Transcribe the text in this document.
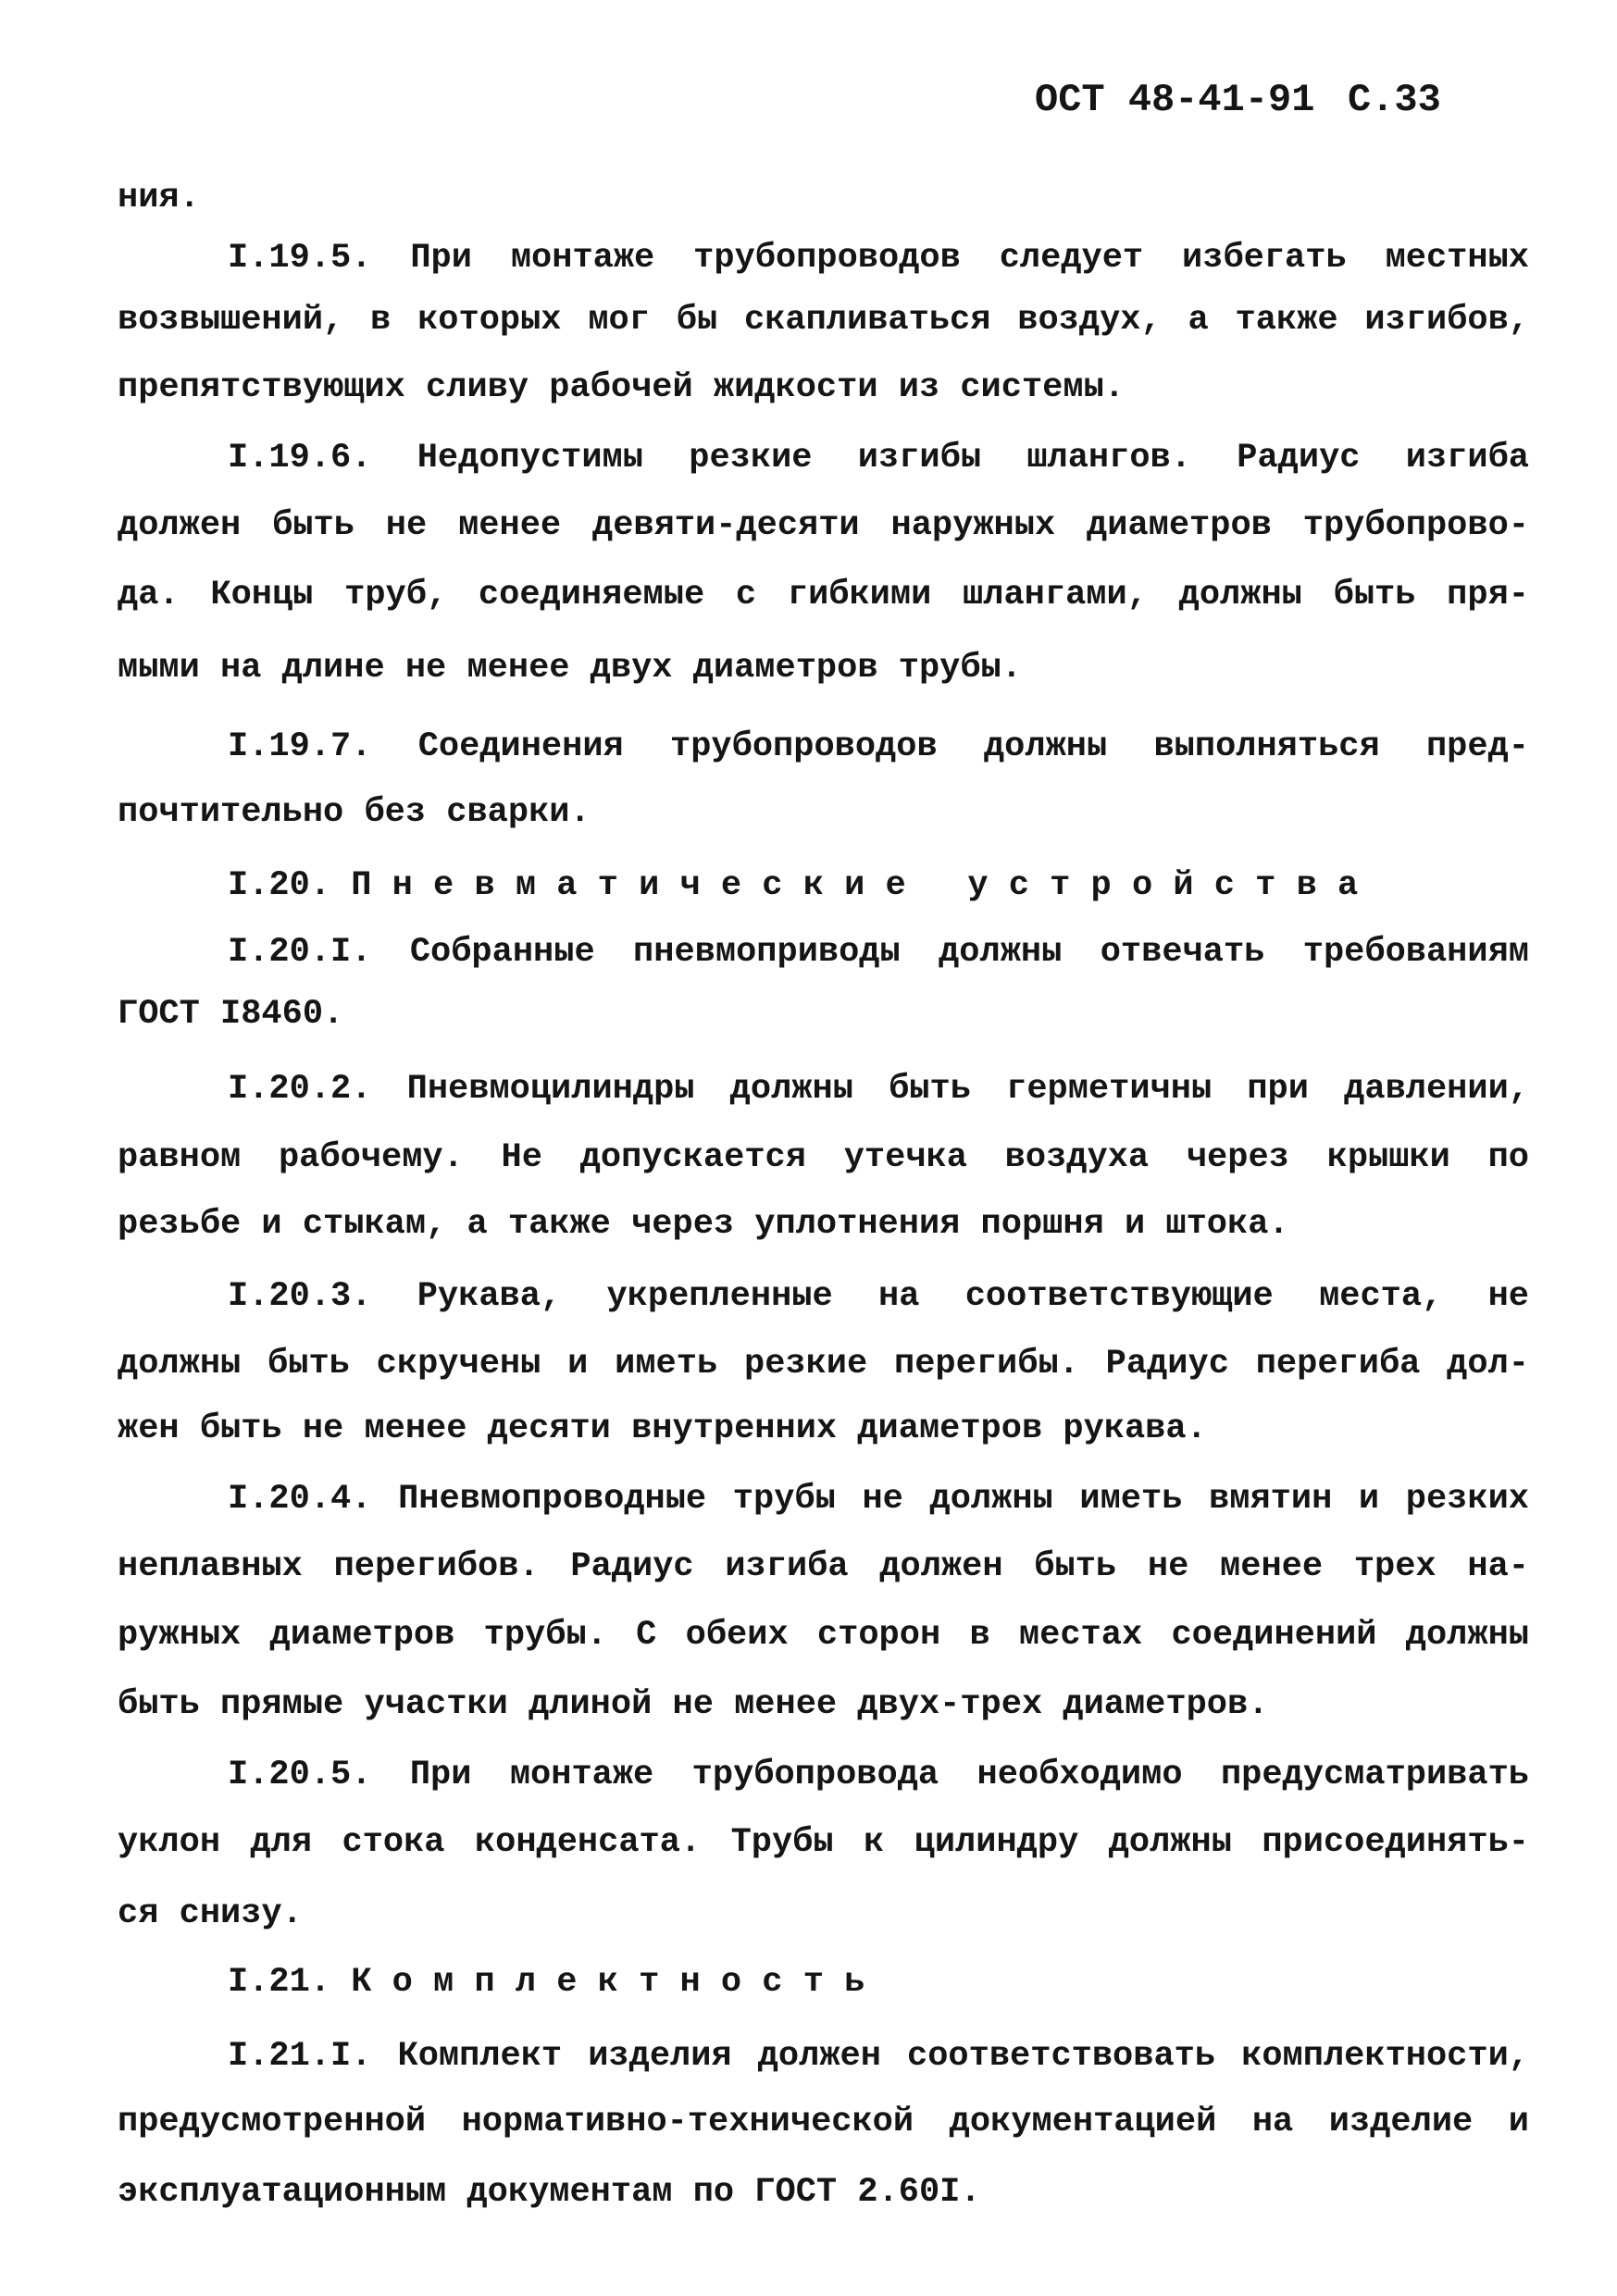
ОСТ 48-41-91 С.33
ния.
I.19.5. При монтаже трубопроводов следует избегать местных
возвышений, в которых мог бы скапливаться воздух, а также изгибов,
препятствующих сливу рабочей жидкости из системы.
I.19.6. Недопустимы резкие изгибы шлангов. Радиус изгиба
должен быть не менее девяти-десяти наружных диаметров трубопрово-
да. Концы труб, соединяемые с гибкими шлангами, должны быть пря-
мыми на длине не менее двух диаметров трубы.
I.19.7. Соединения трубопроводов должны выполняться пред-
почтительно без сварки.
I.20. П н е в м а т и ч е с к и е   у с т р о й с т в а
I.20.I. Собранные пневмоприводы должны отвечать требованиям
ГОСТ I8460.
I.20.2. Пневмоцилиндры должны быть герметичны при давлении,
равном рабочему. Не допускается утечка воздуха через крышки по
резьбе и стыкам, а также через уплотнения поршня и штока.
I.20.3. Рукава, укрепленные на соответствующие места, не
должны быть скручены и иметь резкие перегибы. Радиус перегиба дол-
жен быть не менее десяти внутренних диаметров рукава.
I.20.4. Пневмопроводные трубы не должны иметь вмятин и резких
неплавных перегибов. Радиус изгиба должен быть не менее трех на-
ружных диаметров трубы. С обеих сторон в местах соединений должны
быть прямые участки длиной не менее двух-трех диаметров.
I.20.5. При монтаже трубопровода необходимо предусматривать
уклон для стока конденсата. Трубы к цилиндру должны присоединять-
ся снизу.
I.21. К о м п л е к т н о с т ь
I.21.I. Комплект изделия должен соответствовать комплектности,
предусмотренной нормативно-технической документацией на изделие и
эксплуатационным документам по ГОСТ 2.60I.
